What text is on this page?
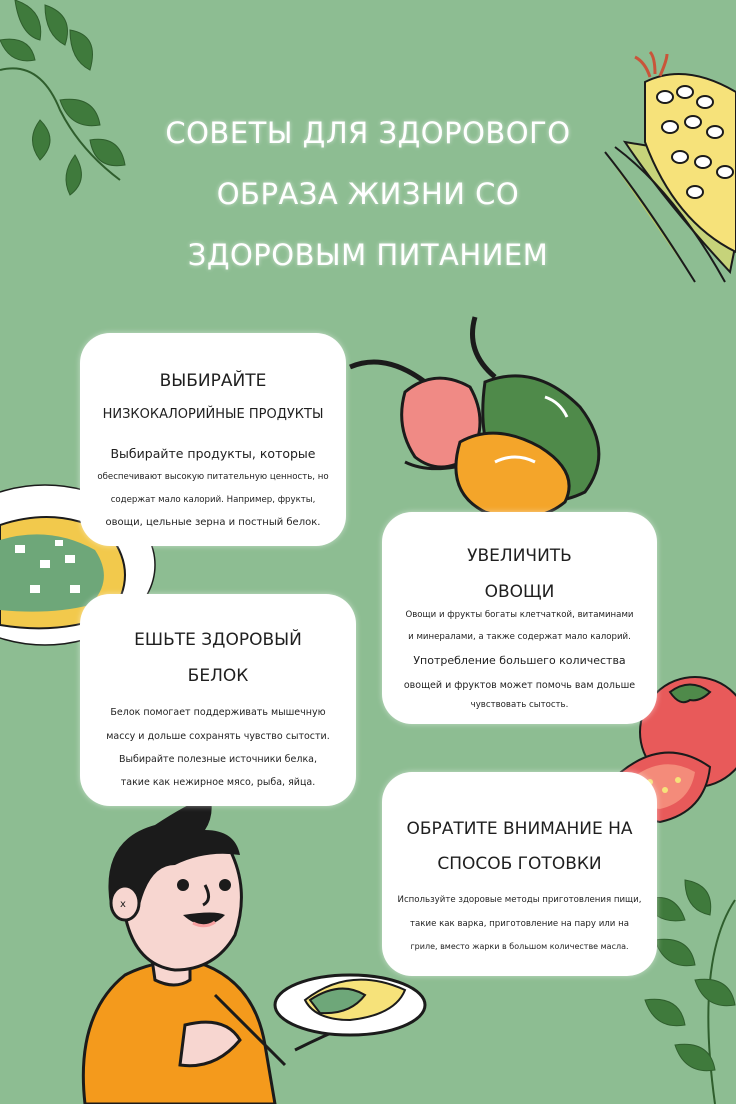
СОВЕТЫ ДЛЯ ЗДОРОВОГО
ОБРАЗА ЖИЗНИ СО
ЗДОРОВЫМ ПИТАНИЕМ
x
ВЫБИРАЙТЕ
НИЗКОКАЛОРИЙНЫЕ ПРОДУКТЫ
Выбирайте продукты, которые
обеспечивают высокую питательную ценность, но
содержат мало калорий. Например, фрукты,
овощи, цельные зерна и постный белок.
УВЕЛИЧИТЬ
ОВОЩИ
Овощи и фрукты богаты клетчаткой, витаминами
и минералами, а также содержат мало калорий.
Употребление большего количества
овощей и фруктов может помочь вам дольше
чувствовать сытость.
ЕШЬТЕ ЗДОРОВЫЙ
БЕЛОК
Белок помогает поддерживать мышечную
массу и дольше сохранять чувство сытости.
Выбирайте полезные источники белка,
такие как нежирное мясо, рыба, яйца.
ОБРАТИТЕ ВНИМАНИЕ НА
СПОСОБ ГОТОВКИ
Используйте здоровые методы приготовления пищи,
такие как варка, приготовление на пару или на
гриле, вместо жарки в большом количестве масла.
